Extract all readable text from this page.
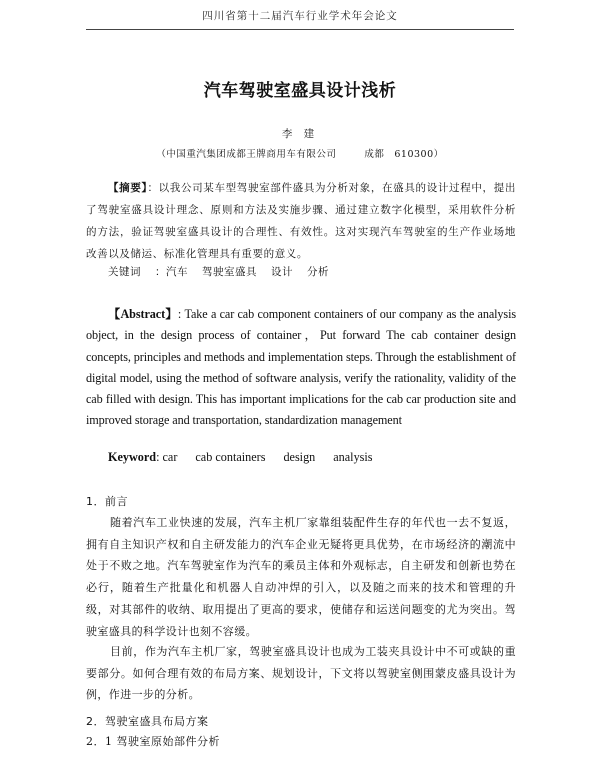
四川省第十二届汽车行业学术年会论文
汽车驾驶室盛具设计浅析
李 建
（中国重汽集团成都王牌商用车有限公司	成都 610300）
【摘要】：以我公司某车型驾驶室部件盛具为分析对象，在盛具的设计过程中，提出了驾驶室盛具设计理念、原则和方法及实施步骤、通过建立数字化模型，采用软件分析的方法，验证驾驶室盛具设计的合理性、有效性。这对实现汽车驾驶室的生产作业场地改善以及储运、标准化管理具有重要的意义。
关键词 ：汽车 驾驶室盛具 设计 分析
【Abstract】: Take a car cab component containers of our company as the analysis object, in the design process of container，Put forward The cab container design concepts, principles and methods and implementation steps. Through the establishment of digital model, using the method of software analysis, verify the rationality, validity of the cab filled with design. This has important implications for the cab car production site and improved storage and transportation, standardization management
Keyword: car cab containers design analysis
1．前言
随着汽车工业快速的发展，汽车主机厂家靠组装配件生存的年代也一去不复返，拥有自主知识产权和自主研发能力的汽车企业无疑将更具优势，在市场经济的潮流中处于不败之地。汽车驾驶室作为汽车的乘员主体和外观标志，自主研发和创新也势在必行，随着生产批量化和机器人自动冲焊的引入，以及随之而来的技术和管理的升级，对其部件的收纳、取用提出了更高的要求，使储存和运送问题变的尤为突出。驾驶室盛具的科学设计也刻不容缓。
目前，作为汽车主机厂家，驾驶室盛具设计也成为工装夹具设计中不可或缺的重要部分。如何合理有效的布局方案、规划设计，下文将以驾驶室侧围蒙皮盛具设计为例，作进一步的分析。
2．驾驶室盛具布局方案
2．1 驾驶室原始部件分析
